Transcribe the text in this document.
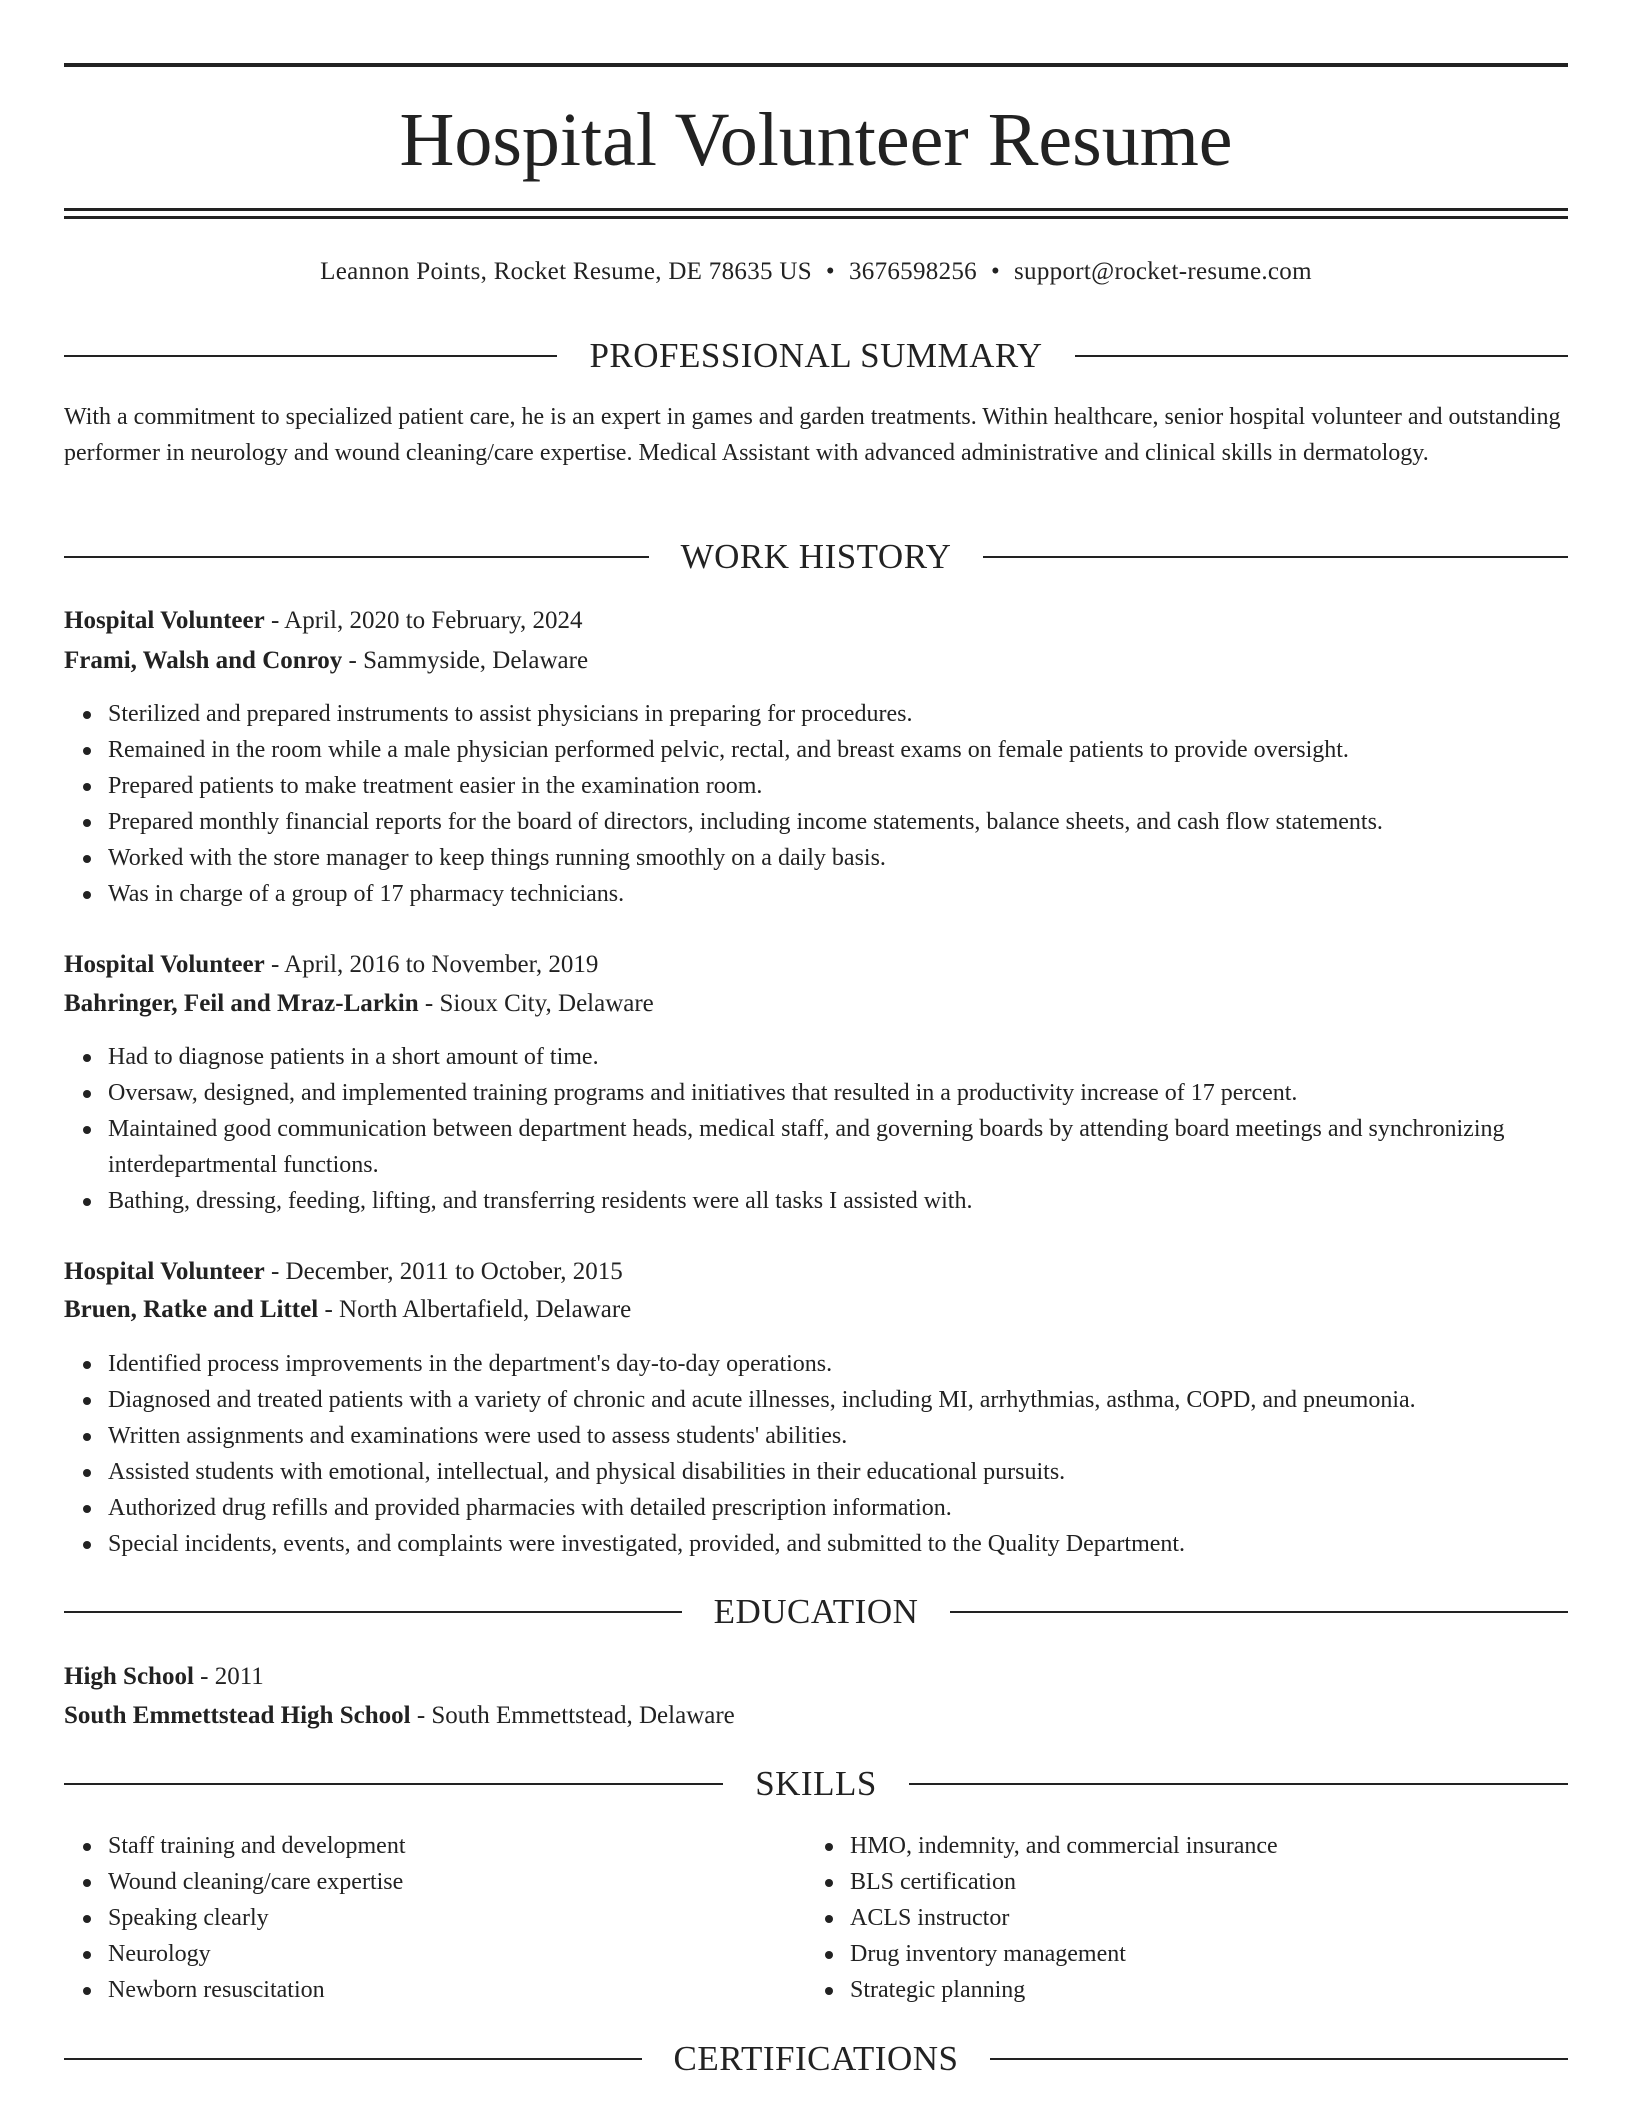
Hospital Volunteer Resume
Leannon Points, Rocket Resume, DE 78635 US • 3676598256 • support@rocket-resume.com
PROFESSIONAL SUMMARY
With a commitment to specialized patient care, he is an expert in games and garden treatments. Within healthcare, senior hospital volunteer and outstanding performer in neurology and wound cleaning/care expertise. Medical Assistant with advanced administrative and clinical skills in dermatology.
WORK HISTORY
Hospital Volunteer - April, 2020 to February, 2024
Frami, Walsh and Conroy - Sammyside, Delaware
Sterilized and prepared instruments to assist physicians in preparing for procedures.
Remained in the room while a male physician performed pelvic, rectal, and breast exams on female patients to provide oversight.
Prepared patients to make treatment easier in the examination room.
Prepared monthly financial reports for the board of directors, including income statements, balance sheets, and cash flow statements.
Worked with the store manager to keep things running smoothly on a daily basis.
Was in charge of a group of 17 pharmacy technicians.
Hospital Volunteer - April, 2016 to November, 2019
Bahringer, Feil and Mraz-Larkin - Sioux City, Delaware
Had to diagnose patients in a short amount of time.
Oversaw, designed, and implemented training programs and initiatives that resulted in a productivity increase of 17 percent.
Maintained good communication between department heads, medical staff, and governing boards by attending board meetings and synchronizing interdepartmental functions.
Bathing, dressing, feeding, lifting, and transferring residents were all tasks I assisted with.
Hospital Volunteer - December, 2011 to October, 2015
Bruen, Ratke and Littel - North Albertafield, Delaware
Identified process improvements in the department's day-to-day operations.
Diagnosed and treated patients with a variety of chronic and acute illnesses, including MI, arrhythmias, asthma, COPD, and pneumonia.
Written assignments and examinations were used to assess students' abilities.
Assisted students with emotional, intellectual, and physical disabilities in their educational pursuits.
Authorized drug refills and provided pharmacies with detailed prescription information.
Special incidents, events, and complaints were investigated, provided, and submitted to the Quality Department.
EDUCATION
High School - 2011
South Emmettstead High School - South Emmettstead, Delaware
SKILLS
Staff training and development
Wound cleaning/care expertise
Speaking clearly
Neurology
Newborn resuscitation
HMO, indemnity, and commercial insurance
BLS certification
ACLS instructor
Drug inventory management
Strategic planning
CERTIFICATIONS
